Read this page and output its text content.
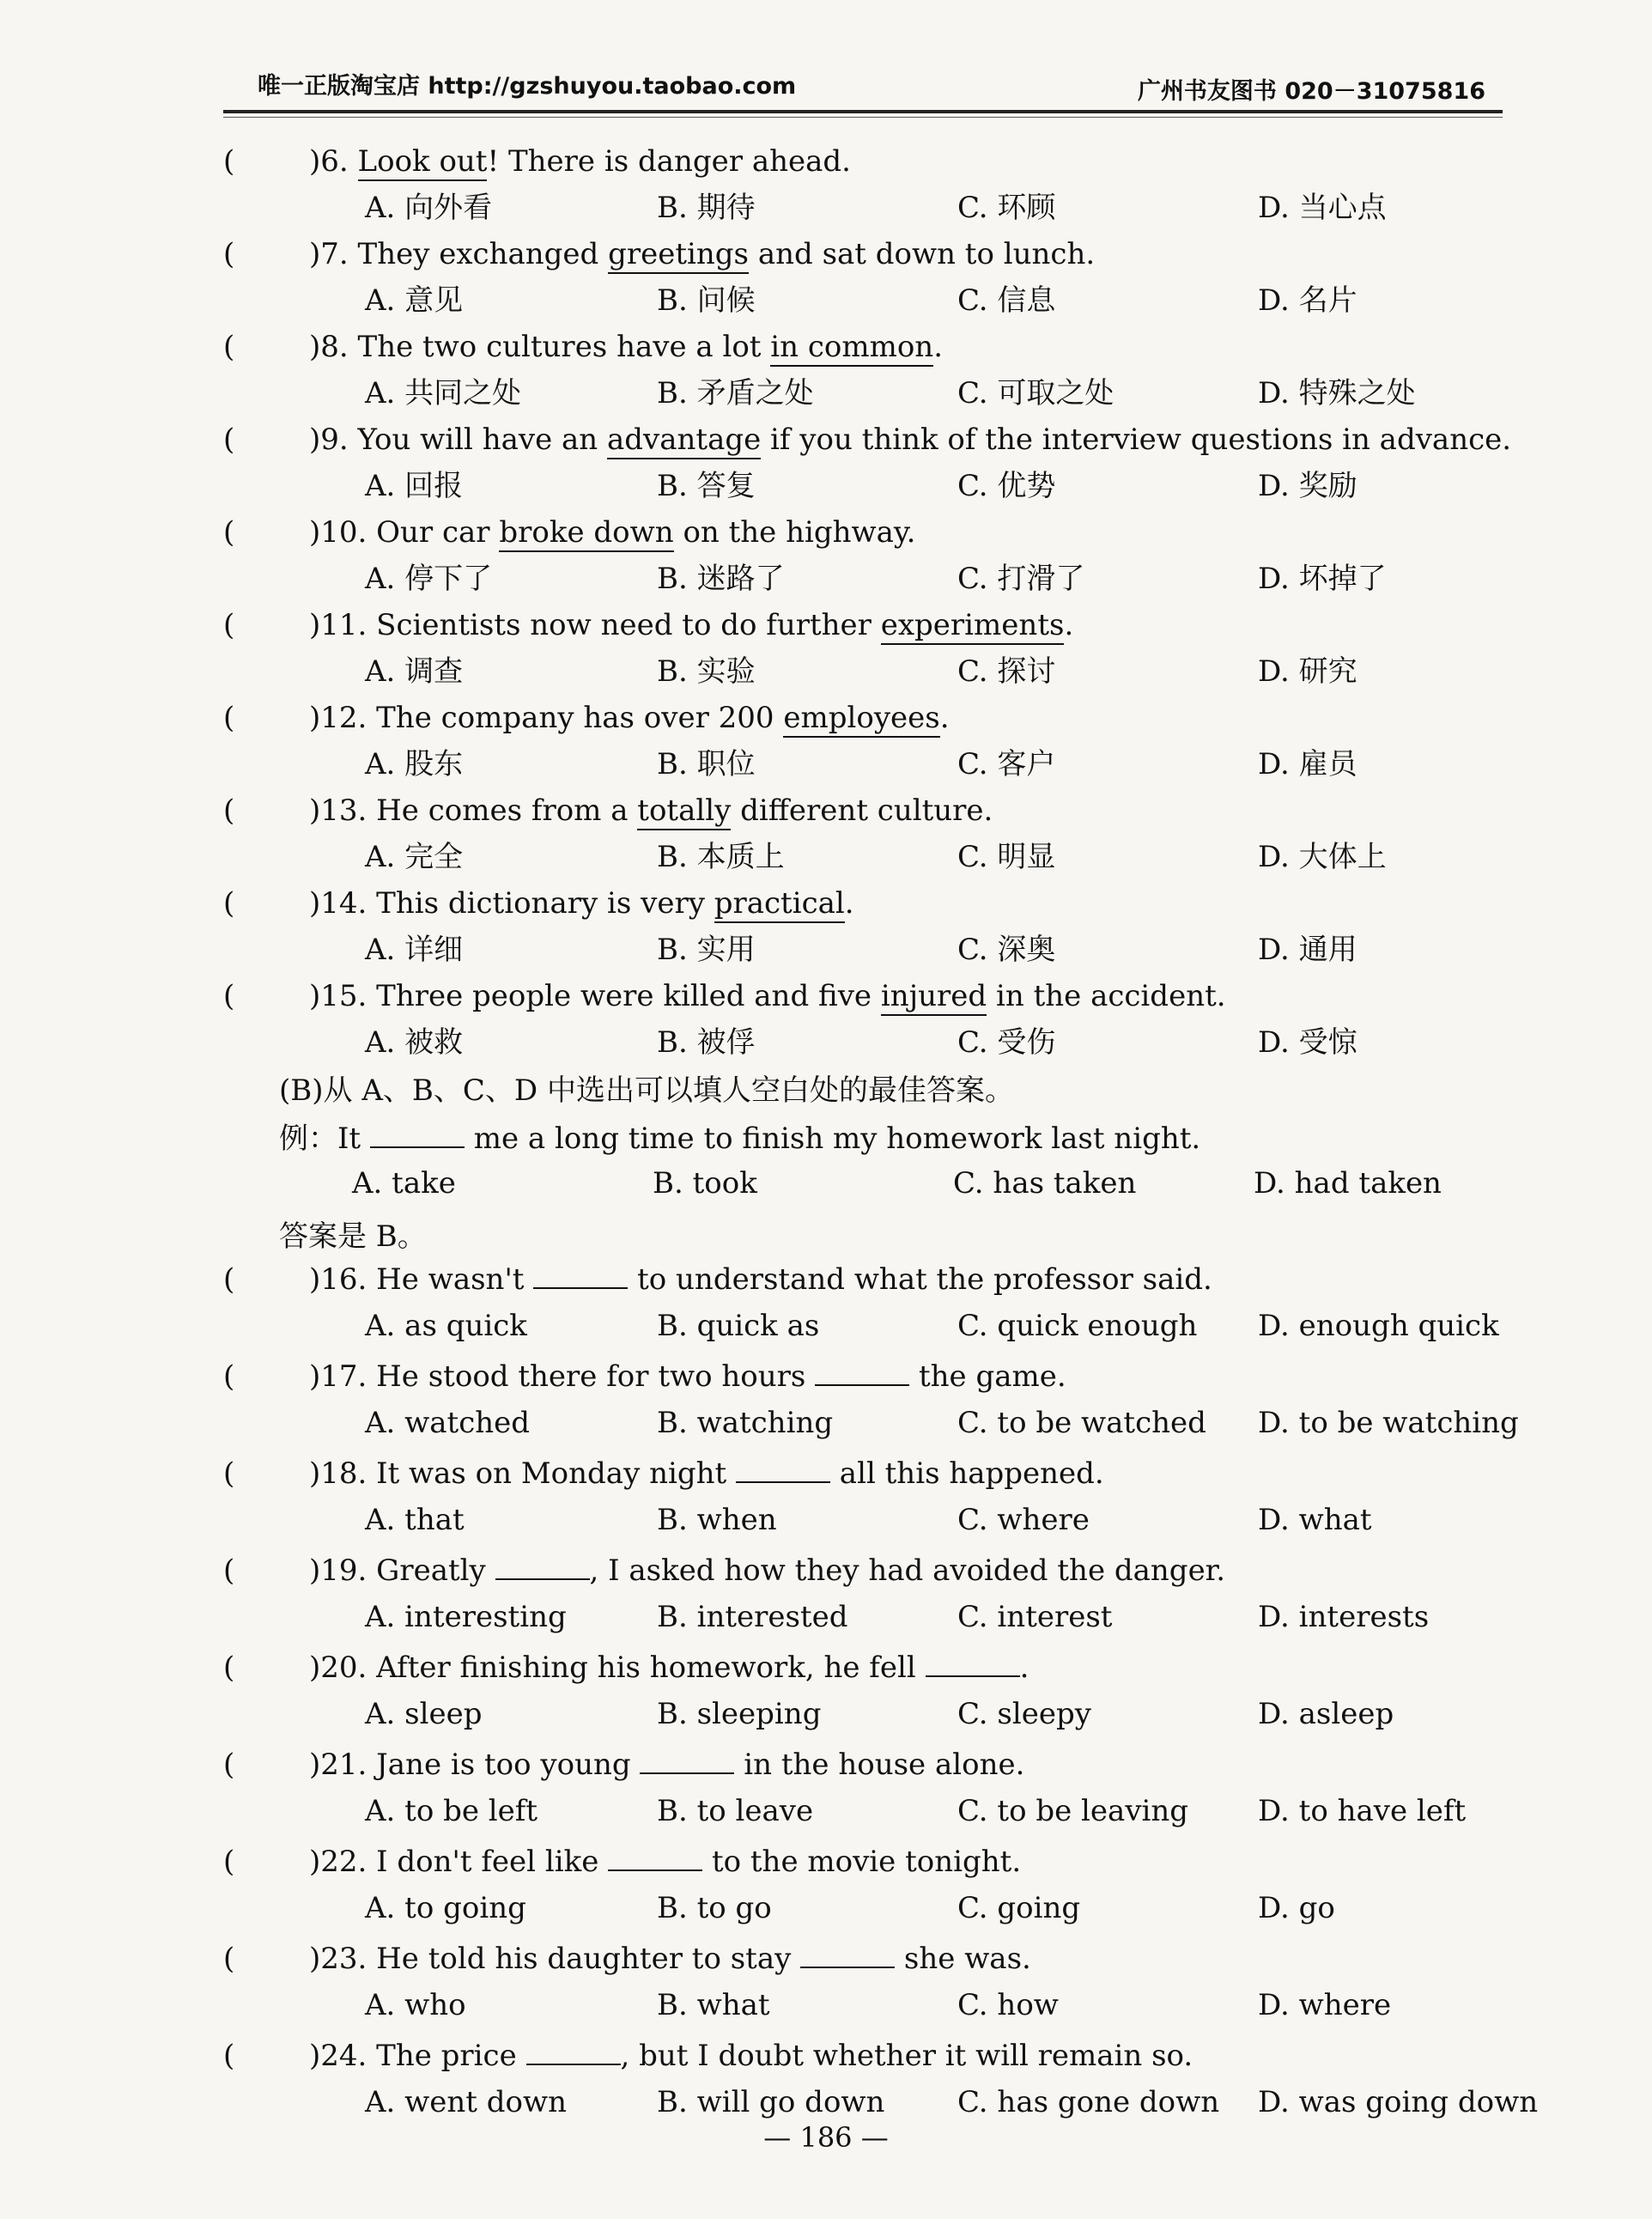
唯一正版淘宝店 http://gzshuyou.taobao.com	广州书友图书 020－31075816
(	)6. Look out! There is danger ahead.
A. 向外看	B. 期待	C. 环顾	D. 当心点
(	)7. They exchanged greetings and sat down to lunch.
A. 意见	B. 问候	C. 信息	D. 名片
(	)8. The two cultures have a lot in common.
A. 共同之处	B. 矛盾之处	C. 可取之处	D. 特殊之处
(	)9. You will have an advantage if you think of the interview questions in advance.
A. 回报	B. 答复	C. 优势	D. 奖励
(	)10. Our car broke down on the highway.
A. 停下了	B. 迷路了	C. 打滑了	D. 坏掉了
(	)11. Scientists now need to do further experiments.
A. 调查	B. 实验	C. 探讨	D. 研究
(	)12. The company has over 200 employees.
A. 股东	B. 职位	C. 客户	D. 雇员
(	)13. He comes from a totally different culture.
A. 完全	B. 本质上	C. 明显	D. 大体上
(	)14. This dictionary is very practical.
A. 详细	B. 实用	C. 深奥	D. 通用
(	)15. Three people were killed and five injured in the accident.
A. 被救	B. 被俘	C. 受伤	D. 受惊
(B)从 A、B、C、D 中选出可以填人空白处的最佳答案。
例：It	me a long time to finish my homework last night.
A. take	B. took	C. has taken	D. had taken
答案是 B。
(	)16. He wasn't	to understand what the professor said.
A. as quick	B. quick as	C. quick enough D. enough quick
(	)17. He stood there for two hours	the game.
A. watched	B. watching	C. to be watched D. to be watching
(	)18. It was on Monday night	all this happened.
A. that	B. when	C. where	D. what
(	)19. Greatly	, I asked how they had avoided the danger.
A. interesting	B. interested	C. interest	D. interests
(	)20. After finishing his homework, he fell	.
A. sleep	B. sleeping	C. sleepy	D. asleep
(	)21. Jane is too young	in the house alone.
A. to be left	B. to leave	C. to be leaving D. to have left
(	)22. I don't feel like	to the movie tonight.
A. to going	B. to go	C. going	D. go
(	)23. He told his daughter to stay	she was.
A. who	B. what	C. how	D. where
(	)24. The price	, but I doubt whether it will remain so.
A. went down	B. will go down C. has gone down D. was going down
— 186 —
